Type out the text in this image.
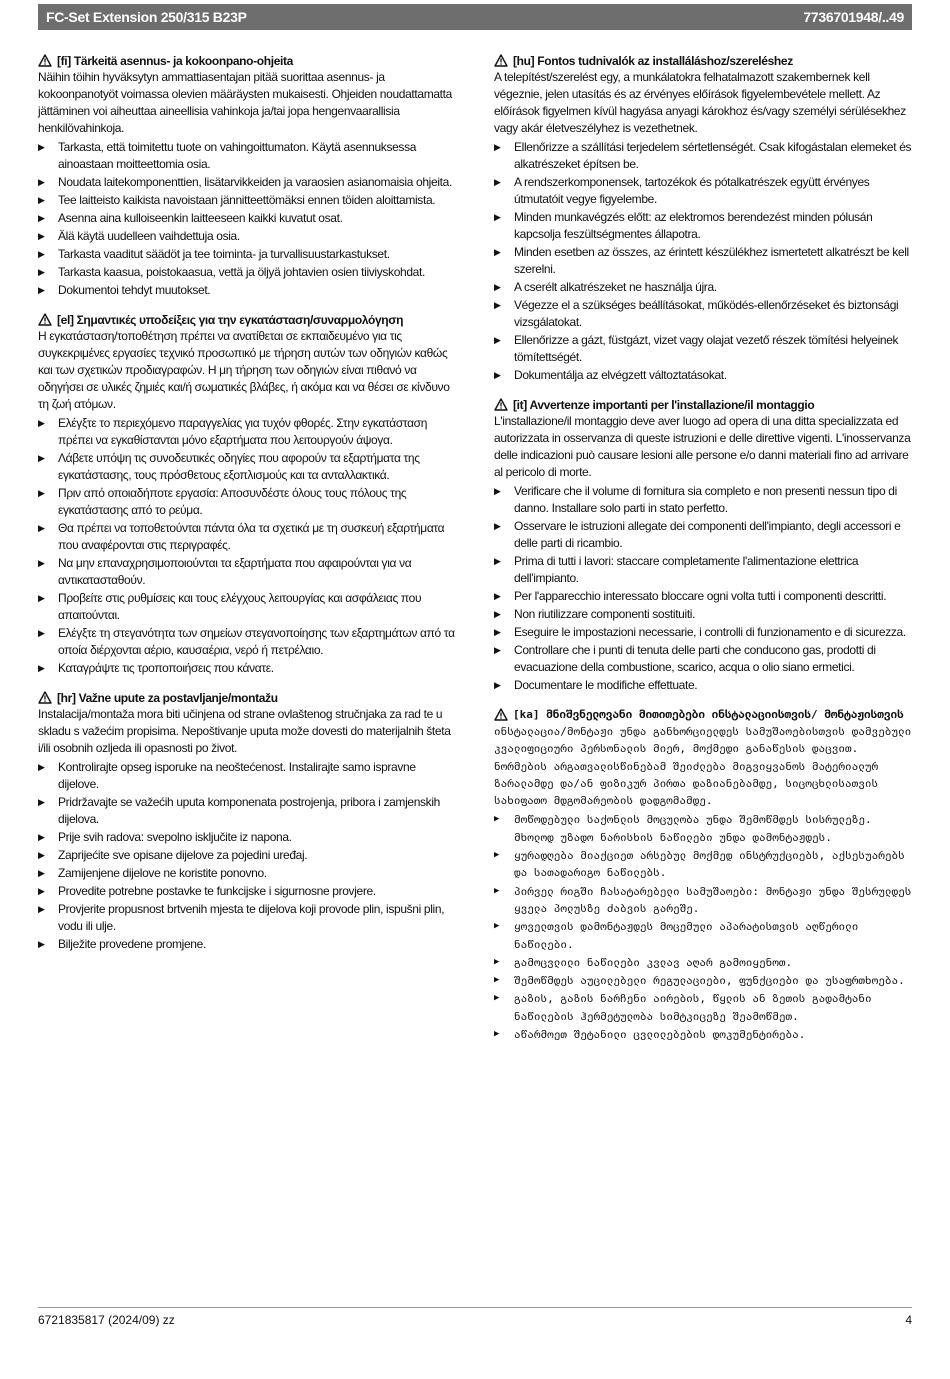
FC-Set Extension 250/315 B23P	7736701948/..49
[fi] Tärkeitä asennus- ja kokoonpano-ohjeita
Näihin töihin hyväksytyn ammattiasentajan pitää suorittaa asennus- ja kokoonpanotyöt voimassa olevien määräysten mukaisesti. Ohjeiden noudattamatta jättäminen voi aiheuttaa aineellisia vahinkoja ja/tai jopa hengenvaarallisia henkilövahinkoja.
▶	Tarkasta, että toimitettu tuote on vahingoittumaton. Käytä asennuksessa ainoastaan moitteettomia osia.
▶	Noudata laitekomponenttien, lisätarvikkeiden ja varaosien asianomaisia ohjeita.
▶	Tee laitteisto kaikista navoistaan jännitteettömäksi ennen töiden aloittamista.
▶	Asenna aina kulloiseenkin laitteeseen kaikki kuvatut osat.
▶	Älä käytä uudelleen vaihdettuja osia.
▶	Tarkasta vaaditut säädöt ja tee toiminta- ja turvallisuustarkastukset.
▶	Tarkasta kaasua, poistokaasua, vettä ja öljyä johtavien osien tiiviyskohdat.
▶	Dokumentoi tehdyt muutokset.
[el] Σημαντικές υποδείξεις για την εγκατάσταση/συναρμολόγηση
Η εγκατάσταση/τοποθέτηση πρέπει να ανατίθεται σε εκπαιδευμένο για τις συγκεκριμένες εργασίες τεχνικό προσωπικό με τήρηση αυτών των οδηγιών καθώς και των σχετικών προδιαγραφών. Η μη τήρηση των οδηγιών είναι πιθανό να οδηγήσει σε υλικές ζημιές και/ή σωματικές βλάβες, ή ακόμα και να θέσει σε κίνδυνο τη ζωή ατόμων.
▶	Ελέγξτε το περιεχόμενο παραγγελίας για τυχόν φθορές. Στην εγκατάσταση πρέπει να εγκαθίστανται μόνο εξαρτήματα που λειτουργούν άψογα.
▶	Λάβετε υπόψη τις συνοδευτικές οδηγίες που αφορούν τα εξαρτήματα της εγκατάστασης, τους πρόσθετους εξοπλισμούς και τα ανταλλακτικά.
▶	Πριν από οποιαδήποτε εργασία: Αποσυνδέστε όλους τους πόλους της εγκατάστασης από το ρεύμα.
▶	Θα πρέπει να τοποθετούνται πάντα όλα τα σχετικά με τη συσκευή εξαρτήματα που αναφέρονται στις περιγραφές.
▶	Να μην επαναχρησιμοποιούνται τα εξαρτήματα που αφαιρούνται για να αντικατασταθούν.
▶	Προβείτε στις ρυθμίσεις και τους ελέγχους λειτουργίας και ασφάλειας που απαιτούνται.
▶	Ελέγξτε τη στεγανότητα των σημείων στεγανοποίησης των εξαρτημάτων από τα οποία διέρχονται αέριο, καυσαέρια, νερό ή πετρέλαιο.
▶	Καταγράψτε τις τροποποιήσεις που κάνατε.
[hr] Važne upute za postavljanje/montažu
Instalacija/montaža mora biti učinjena od strane ovlaštenog stručnjaka za rad te u skladu s važećim propisima. Nepoštivanje uputa može dovesti do materijalnih šteta i/ili osobnih ozljeda ili opasnosti po život.
▶	Kontrolirajte opseg isporuke na neoštećenost. Instalirajte samo ispravne dijelove.
▶	Pridržavajte se važećih uputa komponenata postrojenja, pribora i zamjenskih dijelova.
▶	Prije svih radova: svepolno isključite iz napona.
▶	Zaprijećite sve opisane dijelove za pojedini uređaj.
▶	Zamijenjene dijelove ne koristite ponovno.
▶	Provedite potrebne postavke te funkcijske i sigurnosne provjere.
▶	Provjerite propusnost brtvenih mjesta te dijelova koji provode plin, ispušni plin, vodu ili ulje.
▶	Bilježite provedene promjene.
[hu] Fontos tudnivalók az installáláshoz/szereléshez
A telepítést/szerelést egy, a munkálatokra felhatalmazott szakembernek kell végeznie, jelen utasítás és az érvényes előírások figyelembevétele mellett. Az előírások figyelmen kívül hagyása anyagi károkhoz és/vagy személyi sérülésekhez vagy akár életveszélyhez is vezethetnek.
▶	Ellenőrizze a szállítási terjedelem sértetlenségét. Csak kifogástalan elemeket és alkatrészeket építsen be.
▶	A rendszerkomponensek, tartozékok és pótalkatrészek együtt érvényes útmutatóit vegye figyelembe.
▶	Minden munkavégzés előtt: az elektromos berendezést minden pólusán kapcsolja feszültségmentes állapotra.
▶	Minden esetben az összes, az érintett készülékhez ismertetett alkatrészt be kell szerelni.
▶	A cserélt alkatrészeket ne használja újra.
▶	Végezze el a szükséges beállításokat, működés-ellenőrzéseket és biztonsági vizsgálatokat.
▶	Ellenőrizze a gázt, füstgázt, vizet vagy olajat vezető részek tömítési helyeinek tömítettségét.
▶	Dokumentálja az elvégzett változtatásokat.
[it] Avvertenze importanti per l'installazione/il montaggio
L'installazione/il montaggio deve aver luogo ad opera di una ditta specializzata ed autorizzata in osservanza di queste istruzioni e delle direttive vigenti. L'inosservanza delle indicazioni può causare lesioni alle persone e/o danni materiali fino ad arrivare al pericolo di morte.
▶	Verificare che il volume di fornitura sia completo e non presenti nessun tipo di danno. Installare solo parti in stato perfetto.
▶	Osservare le istruzioni allegate dei componenti dell'impianto, degli accessori e delle parti di ricambio.
▶	Prima di tutti i lavori: staccare completamente l'alimentazione elettrica dell'impianto.
▶	Per l'apparecchio interessato bloccare ogni volta tutti i componenti descritti.
▶	Non riutilizzare componenti sostituiti.
▶	Eseguire le impostazioni necessarie, i controlli di funzionamento e di sicurezza.
▶	Controllare che i punti di tenuta delle parti che conducono gas, prodotti di evacuazione della combustione, scarico, acqua o olio siano ermetici.
▶	Documentare le modifiche effettuate.
[ka] მნიშვნელოვანი მითითებები ინსტალაციისთვის/ მონტაჟისთვის
ინსტალაცია/მონტაჟი უნდა განხორციელდეს სამუშაოებისთვის დამვებული კვალიფიციური პერსონალის მიერ, მოქმედი განაწესის დაცვით. ნორმების არგათვალისწინებამ შეიძლება მიგვიყვანოს მატერიალურ ზარალამდე და/ან ფიზიკურ პირთა დაზიანებამდე, სიცოცხლისათვის სახიფათო მდგომარეობის დადგომამდე.
▶	მოწოდებული საქონლის მოცულობა უნდა შემოწმდეს სისრულეზე. მხოლოდ უზადო ნარისხის ნაწილები უნდა დამონტაჟდეს.
▶	ყურადღება მიაქციეთ არსებულ მოქმედ ინსტრუქციებს, აქსესუარებს და სათადარიგო ნაწილებს.
▶	პირველ რიგში ჩასატარებელი სამუშაოები: მონტაჟი უნდა შესრულდეს ყველა პოლუსზე ძაბვის გარეშე.
▶	ყოველთვის დამონტაჟდეს მოცემული აპარატისთვის აღწერილი ნაწილები.
▶	გამოცვლილი ნაწილები კვლავ აღარ გამოიყენოთ.
▶	შემოწმდეს აუცილებელი რეგულაციები, ფუნქციები და უსაფრთხოება.
▶	გაზის, გაზის ნარჩენი აირების, წყლის ან ზეთის გადამტანი ნაწილების ჰერმეტულობა სიმტკიცეზე შეამოწმეთ.
▶	აწარმოეთ შეტანილი ცვლილებების დოკუმენტირება.
6721835817 (2024/09) zz	4
